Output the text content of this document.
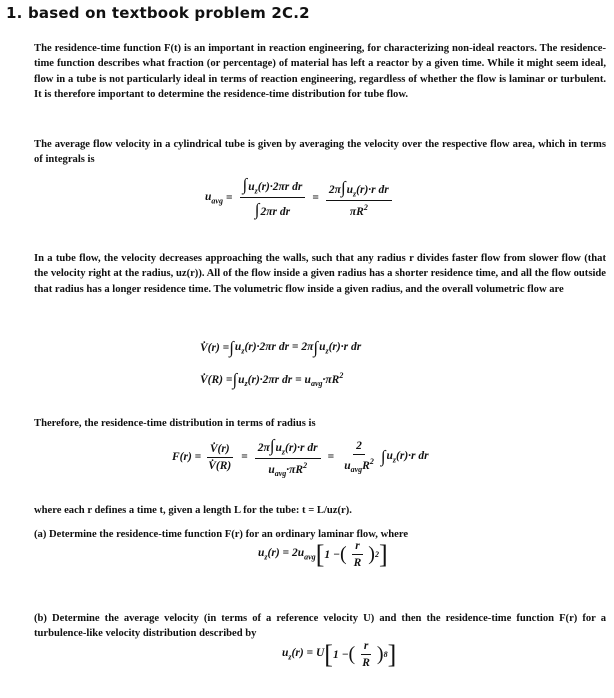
1. based on textbook problem 2C.2

The residence-time function F(t) is an important in reaction engineering, for characterizing non-ideal reactors. The residence-time function describes what fraction (or percentage) of material has left a reactor by a given time. While it might seem ideal, flow in a tube is not particularly ideal in terms of reaction engineering, regardless of whether the flow is laminar or turbulent. It is therefore important to determine the residence-time distribution for tube flow.

The average flow velocity in a cylindrical tube is given by averaging the velocity over the respective flow area, which in terms of integrals is

$u_{avg} = \frac{\int u_z(r)\cdot 2\pi r dr}{\text{∫2πr dr}} = \frac{2\pi\int u_z(r)\cdot r dr}{\pi R^2}$

In a tube flow, the velocity decreases approaching the walls, such that any radius r divides faster flow from slower flow (that the velocity right at the radius, uz(r)). All of the flow inside a given radius has a shorter residence time, and all the flow outside that radius has a longer residence time. The volumetric flow inside a given radius, and the overall volumetric flow are

V̇(r) = ∫ $u_z(r)\cdot 2\pi r$ dr = 2π ∫ $u_z(r)\cdot r$ dr
V̇(R) = ∫ $u_z(r)\cdot 2\pi r$ dr = $u_{avg}\cdot\pi R^2$

Therefore, the residence-time distribution in terms of radius is

$F(r) = \frac{V̇(r)}{V̇(R)} = \frac{2\pi\int u_z(r)\cdot r dr}{u_{avg}\cdot\pi R^2} = \frac{2}{u_{avg}R^2}$ ∫ $u_z(r)\cdot r$ dr

where each r defines a time t, given a length L for the tube: t = L/uz(r).

(a) Determine the residence-time function F(r) for an ordinary laminar flow, where

$u_z(r) = 2u_{avg}$ [ 1 − ( $\frac{r}{R}$ ) 2 ]

(b) Determine the average velocity (in terms of a reference velocity U) and then the residence-time function F(r) for a turbulence-like velocity distribution described by

$u_z(r) = U$ [ 1 − ( $\frac{r}{R}$ ) 8 ]
